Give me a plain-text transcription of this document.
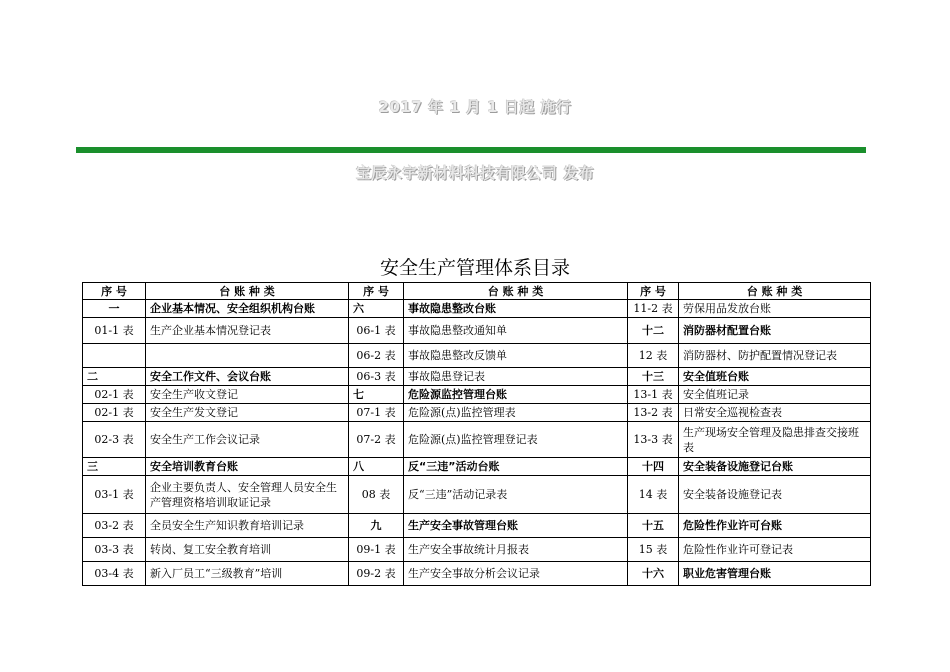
2017 年 1 月 1 日起 施行
宝辰永宇新材料科技有限公司 发布
安全生产管理体系目录
序 号	台 账 种 类	序 号	台 账 种 类	序 号	台 账 种 类
一	企业基本情况、安全组织机构台账	六	事故隐患整改台账	11-2 表	劳保用品发放台账
01-1 表	生产企业基本情况登记表	06-1 表	事故隐患整改通知单	十二	消防器材配置台账
		06-2 表	事故隐患整改反馈单	12 表	消防器材、防护配置情况登记表
二	安全工作文件、会议台账	06-3 表	事故隐患登记表	十三	安全值班台账
02-1 表	安全生产收文登记	七	危险源监控管理台账	13-1 表	安全值班记录
02-1 表	安全生产发文登记	07-1 表	危险源(点)监控管理表	13-2 表	日常安全巡视检查表
02-3 表	安全生产工作会议记录	07-2 表	危险源(点)监控管理登记表	13-3 表	生产现场安全管理及隐患排查交接班表
三	安全培训教育台账	八	反“三违”活动台账	十四	安全装备设施登记台账
03-1 表	企业主要负责人、安全管理人员安全生产管理资格培训取证记录	08 表	反“三违”活动记录表	14 表	安全装备设施登记表
03-2 表	全员安全生产知识教育培训记录	九	生产安全事故管理台账	十五	危险性作业许可台账
03-3 表	转岗、复工安全教育培训	09-1 表	生产安全事故统计月报表	15 表	危险性作业许可登记表
03-4 表	新入厂员工“三级教育”培训	09-2 表	生产安全事故分析会议记录	十六	职业危害管理台账
